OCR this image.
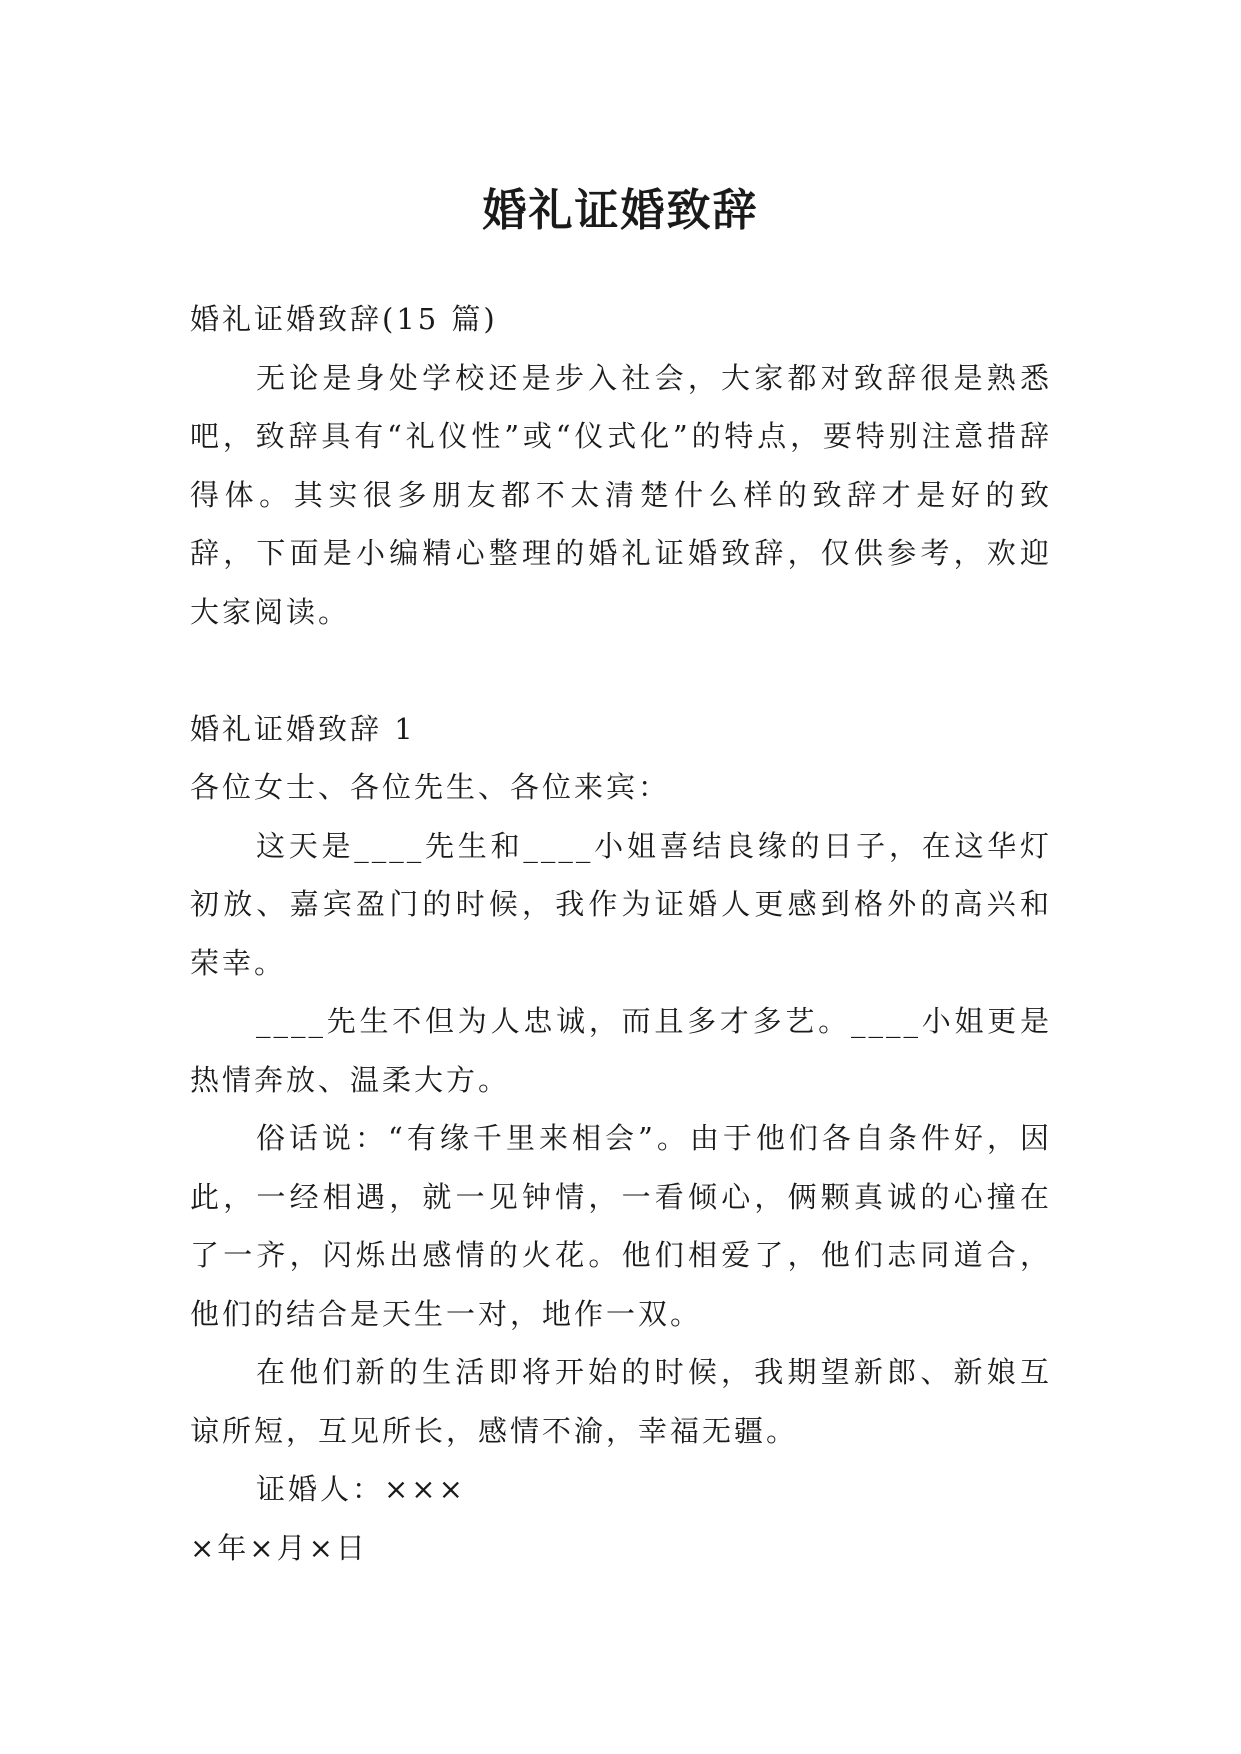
婚礼证婚致辞

婚礼证婚致辞(15 篇)

无论是身处学校还是步入社会，大家都对致辞很是熟悉吧，致辞具有“礼仪性”或“仪式化”的特点，要特别注意措辞得体。其实很多朋友都不太清楚什么样的致辞才是好的致辞，下面是小编精心整理的婚礼证婚致辞，仅供参考，欢迎大家阅读。

婚礼证婚致辞 1

各位女士、各位先生、各位来宾：

这天是____先生和____小姐喜结良缘的日子，在这华灯初放、嘉宾盈门的时候，我作为证婚人更感到格外的高兴和荣幸。

____先生不但为人忠诚，而且多才多艺。____小姐更是热情奔放、温柔大方。

俗话说：“有缘千里来相会”。由于他们各自条件好，因此，一经相遇，就一见钟情，一看倾心，俩颗真诚的心撞在了一齐，闪烁出感情的火花。他们相爱了，他们志同道合，他们的结合是天生一对，地作一双。

在他们新的生活即将开始的时候，我期望新郎、新娘互谅所短，互见所长，感情不渝，幸福无疆。

证婚人：×××

×年×月×日
